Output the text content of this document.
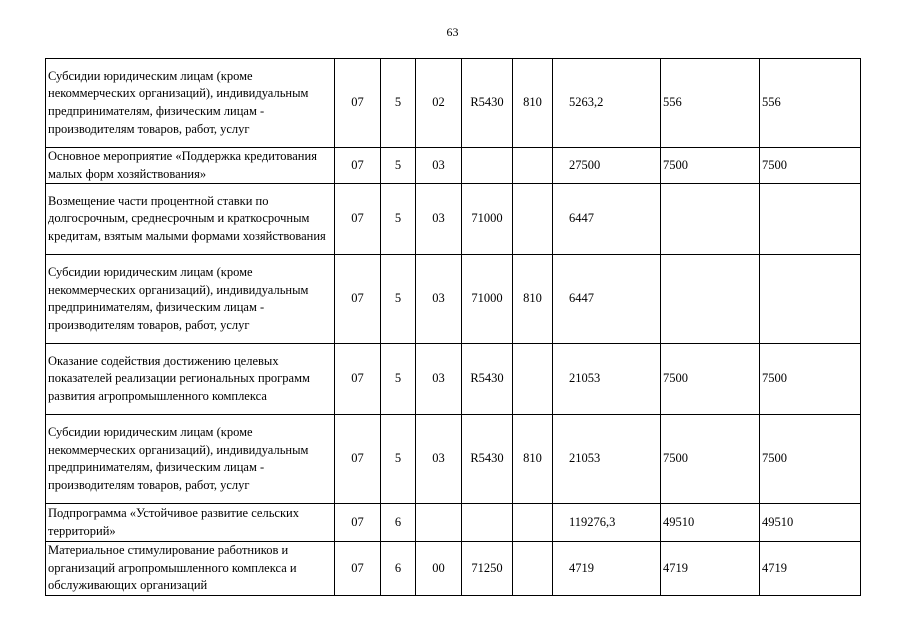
63
Субсидии юридическим лицам (кроме некоммерческих организаций), индивидуальным предпринимателям, физическим лицам - производителям товаров, работ, услуг	07	5	02	R5430	810	5263,2	556	556
Основное мероприятие «Поддержка кредитования малых форм хозяйствования»	07	5	03			27500	7500	7500
Возмещение части процентной ставки по долгосрочным, среднесрочным и краткосрочным кредитам, взятым малыми формами хозяйствования	07	5	03	71000		6447		
Субсидии юридическим лицам (кроме некоммерческих организаций), индивидуальным предпринимателям, физическим лицам - производителям товаров, работ, услуг	07	5	03	71000	810	6447		
Оказание содействия достижению целевых показателей реализации региональных программ развития агропромышленного комплекса	07	5	03	R5430		21053	7500	7500
Субсидии юридическим лицам (кроме некоммерческих организаций), индивидуальным предпринимателям, физическим лицам - производителям товаров, работ, услуг	07	5	03	R5430	810	21053	7500	7500
Подпрограмма «Устойчивое развитие сельских территорий»	07	6				119276,3	49510	49510
Материальное стимулирование работников и организаций агропромышленного комплекса и обслуживающих организаций	07	6	00	71250		4719	4719	4719
